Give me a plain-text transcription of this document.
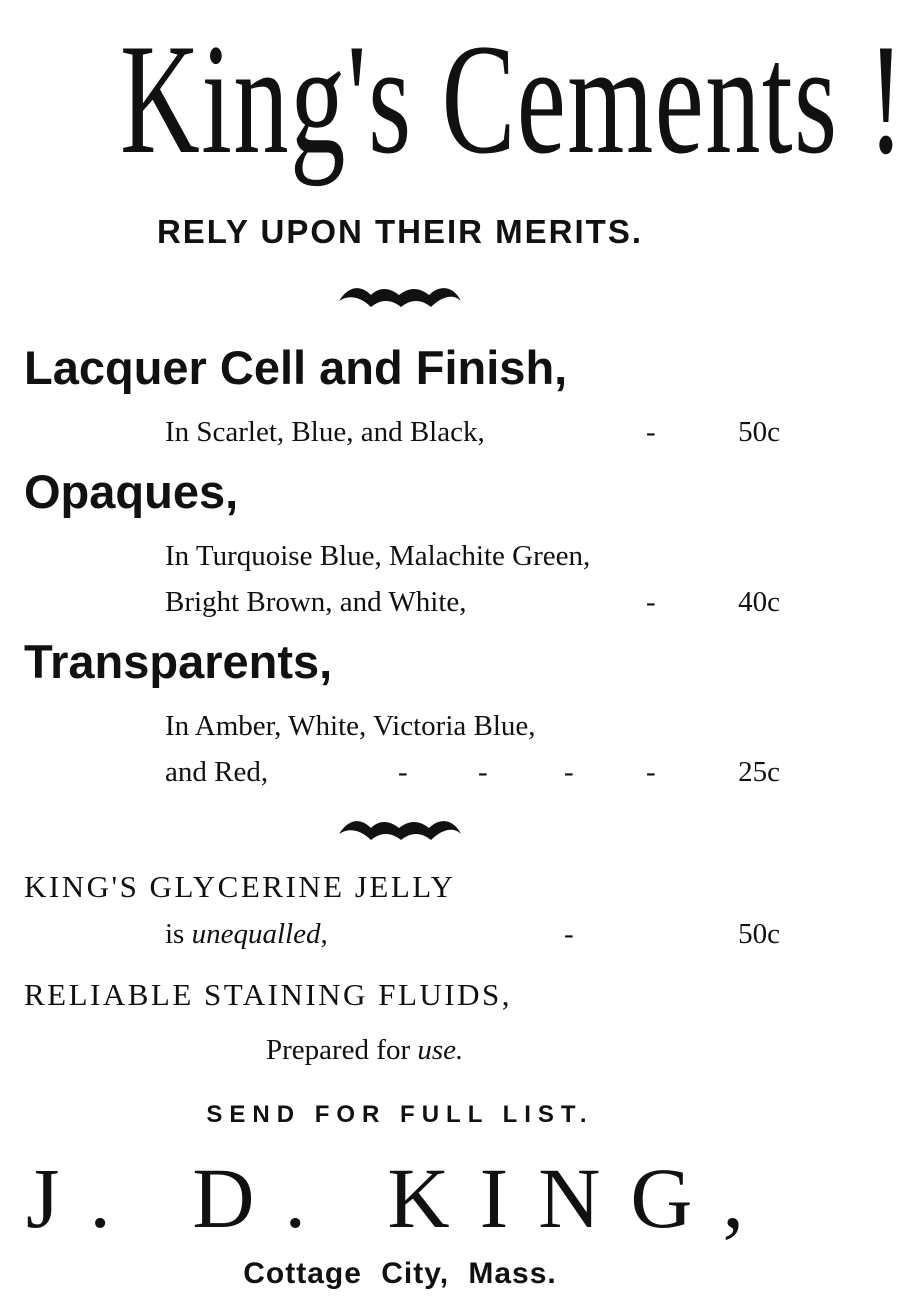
King's Cements !
RELY UPON THEIR MERITS.
Lacquer Cell and Finish,
In Scarlet, Blue, and Black,	-	50c
Opaques,
In Turquoise Blue, Malachite Green,
Bright Brown, and White,	-	40c
Transparents,
In Amber, White, Victoria Blue,
and Red,	- -	- -	25c
KING'S GLYCERINE JELLY
is unequalled,	-	50c
RELIABLE STAINING FLUIDS,
Prepared for use.
SEND FOR FULL LIST.
J. D. KING,
Cottage City, Mass.
